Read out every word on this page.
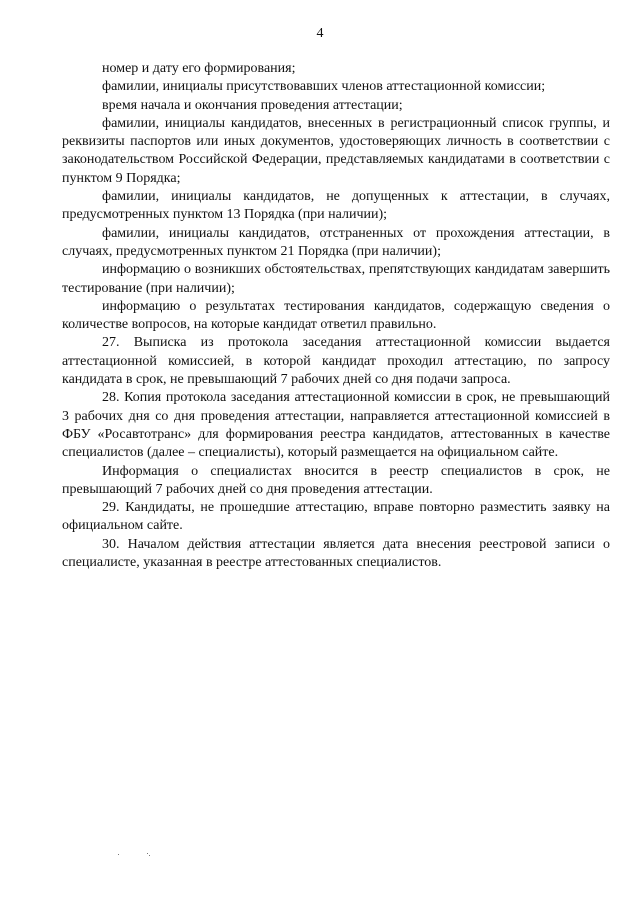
4

номер и дату его формирования;

фамилии, инициалы присутствовавших членов аттестационной комиссии;

время начала и окончания проведения аттестации;

фамилии, инициалы кандидатов, внесенных в регистрационный список группы, и реквизиты паспортов или иных документов, удостоверяющих личность в соответствии с законодательством Российской Федерации, представляемых кандидатами в соответствии с пунктом 9 Порядка;

фамилии, инициалы кандидатов, не допущенных к аттестации, в случаях, предусмотренных пунктом 13 Порядка (при наличии);

фамилии, инициалы кандидатов, отстраненных от прохождения аттестации, в случаях, предусмотренных пунктом 21 Порядка (при наличии);

информацию о возникших обстоятельствах, препятствующих кандидатам завершить тестирование (при наличии);

информацию о результатах тестирования кандидатов, содержащую сведения о количестве вопросов, на которые кандидат ответил правильно.

27. Выписка из протокола заседания аттестационной комиссии выдается аттестационной комиссией, в которой кандидат проходил аттестацию, по запросу кандидата в срок, не превышающий 7 рабочих дней со дня подачи запроса.

28. Копия протокола заседания аттестационной комиссии в срок, не превышающий 3 рабочих дня со дня проведения аттестации, направляется аттестационной комиссией в ФБУ «Росавтотранс» для формирования реестра кандидатов, аттестованных в качестве специалистов (далее – специалисты), который размещается на официальном сайте.

Информация о специалистах вносится в реестр специалистов в срок, не превышающий 7 рабочих дней со дня проведения аттестации.

29. Кандидаты, не прошедшие аттестацию, вправе повторно разместить заявку на официальном сайте.

30. Началом действия аттестации является дата внесения реестровой записи о специалисте, указанная в реестре аттестованных специалистов.
